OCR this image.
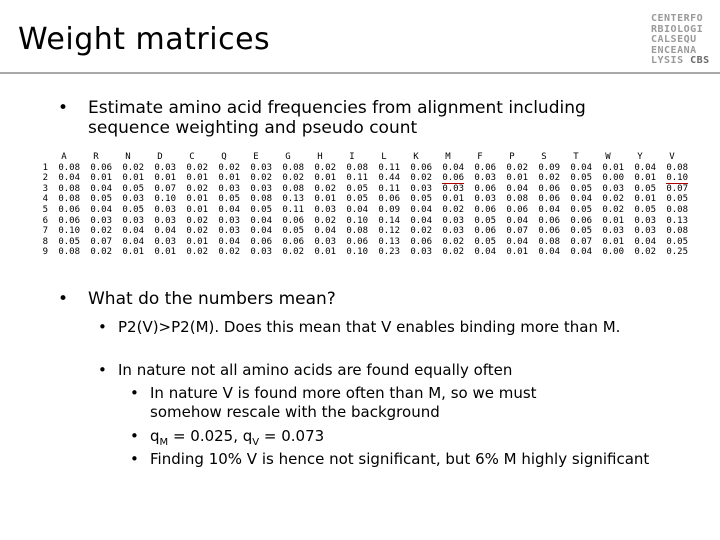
Weight matrices
CENTERFO
RBIOLOGI
CALSEQU
ENCEANA
LYSIS CBS
•	Estimate amino acid frequencies from alignment including sequence weighting and pseudo count
	A	R	N	D	C	Q	E	G	H	I	L	K	M	F	P	S	T	W	Y	V
1	0.08	0.06	0.02	0.03	0.02	0.02	0.03	0.08	0.02	0.08	0.11	0.06	0.04	0.06	0.02	0.09	0.04	0.01	0.04	0.08
2	0.04	0.01	0.01	0.01	0.01	0.01	0.02	0.02	0.01	0.11	0.44	0.02	0.06	0.03	0.01	0.02	0.05	0.00	0.01	0.10
3	0.08	0.04	0.05	0.07	0.02	0.03	0.03	0.08	0.02	0.05	0.11	0.03	0.03	0.06	0.04	0.06	0.05	0.03	0.05	0.07
4	0.08	0.05	0.03	0.10	0.01	0.05	0.08	0.13	0.01	0.05	0.06	0.05	0.01	0.03	0.08	0.06	0.04	0.02	0.01	0.05
5	0.06	0.04	0.05	0.03	0.01	0.04	0.05	0.11	0.03	0.04	0.09	0.04	0.02	0.06	0.06	0.04	0.05	0.02	0.05	0.08
6	0.06	0.03	0.03	0.03	0.02	0.03	0.04	0.06	0.02	0.10	0.14	0.04	0.03	0.05	0.04	0.06	0.06	0.01	0.03	0.13
7	0.10	0.02	0.04	0.04	0.02	0.03	0.04	0.05	0.04	0.08	0.12	0.02	0.03	0.06	0.07	0.06	0.05	0.03	0.03	0.08
8	0.05	0.07	0.04	0.03	0.01	0.04	0.06	0.06	0.03	0.06	0.13	0.06	0.02	0.05	0.04	0.08	0.07	0.01	0.04	0.05
9	0.08	0.02	0.01	0.01	0.02	0.02	0.03	0.02	0.01	0.10	0.23	0.03	0.02	0.04	0.01	0.04	0.04	0.00	0.02	0.25
•	What do the numbers mean?
• P2(V)>P2(M). Does this mean that V enables binding more than M.
• In nature not all amino acids are found equally often
• In nature V is found more often than M, so we must somehow rescale with the background
• $q_M = 0.025$, $q_V = 0.073$
• Finding 10% V is hence not significant, but 6% M highly significant
